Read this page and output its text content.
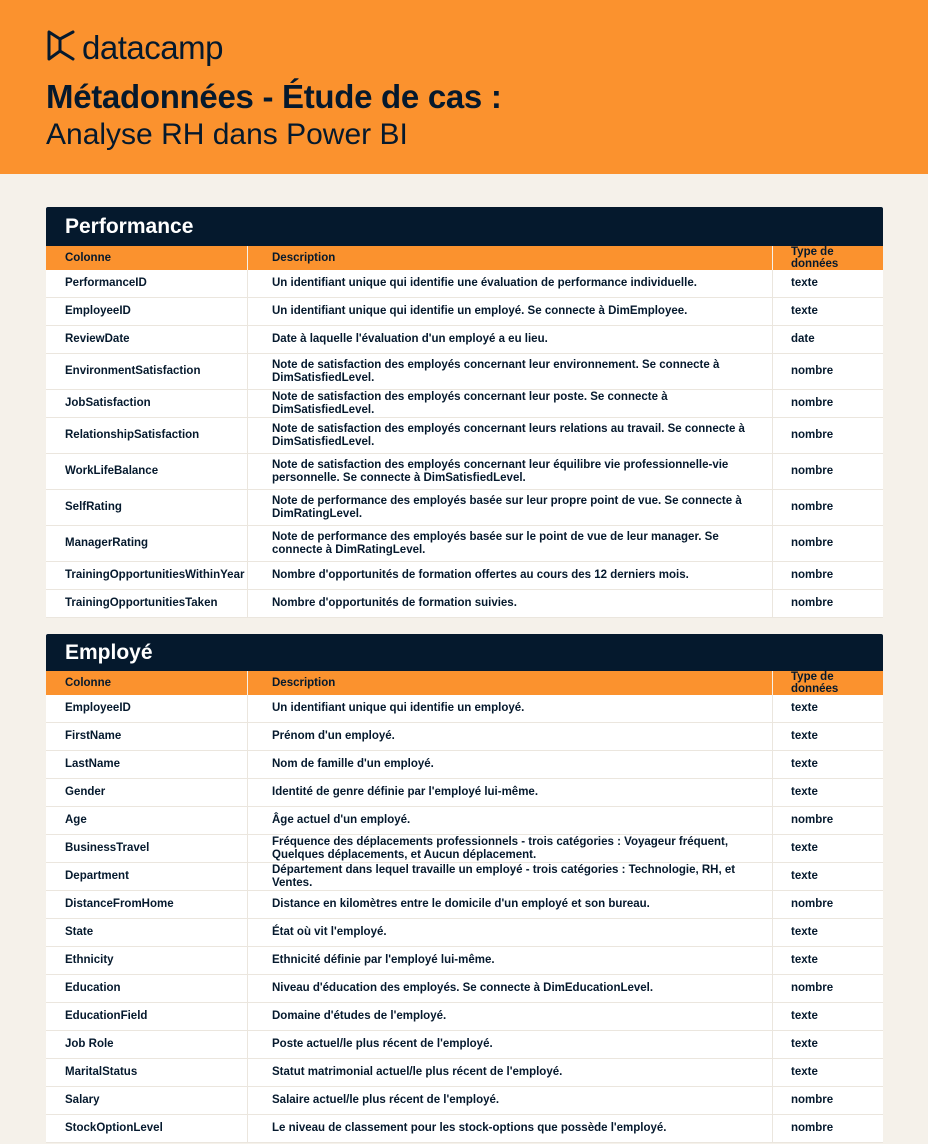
datacamp
Métadonnées - Étude de cas :
Analyse RH dans Power BI
Performance
Colonne	Description	Type de données
PerformanceID	Un identifiant unique qui identifie une évaluation de performance individuelle.	texte
EmployeeID	Un identifiant unique qui identifie un employé. Se connecte à DimEmployee.	texte
ReviewDate	Date à laquelle l'évaluation d'un employé a eu lieu.	date
EnvironmentSatisfaction	Note de satisfaction des employés concernant leur environnement. Se connecte à DimSatisfiedLevel.	nombre
JobSatisfaction	Note de satisfaction des employés concernant leur poste. Se connecte à DimSatisfiedLevel.	nombre
RelationshipSatisfaction	Note de satisfaction des employés concernant leurs relations au travail. Se connecte à DimSatisfiedLevel.	nombre
WorkLifeBalance	Note de satisfaction des employés concernant leur équilibre vie professionnelle-vie personnelle. Se connecte à DimSatisfiedLevel.	nombre
SelfRating	Note de performance des employés basée sur leur propre point de vue. Se connecte à DimRatingLevel.	nombre
ManagerRating	Note de performance des employés basée sur le point de vue de leur manager. Se connecte à DimRatingLevel.	nombre
TrainingOpportunitiesWithinYear	Nombre d'opportunités de formation offertes au cours des 12 derniers mois.	nombre
TrainingOpportunitiesTaken	Nombre d'opportunités de formation suivies.	nombre
Employé
Colonne	Description	Type de données
EmployeeID	Un identifiant unique qui identifie un employé.	texte
FirstName	Prénom d'un employé.	texte
LastName	Nom de famille d'un employé.	texte
Gender	Identité de genre définie par l'employé lui-même.	texte
Age	Âge actuel d'un employé.	nombre
BusinessTravel	Fréquence des déplacements professionnels - trois catégories : Voyageur fréquent, Quelques déplacements, et Aucun déplacement.	texte
Department	Département dans lequel travaille un employé - trois catégories : Technologie, RH, et Ventes.	texte
DistanceFromHome	Distance en kilomètres entre le domicile d'un employé et son bureau.	nombre
State	État où vit l'employé.	texte
Ethnicity	Ethnicité définie par l'employé lui-même.	texte
Education	Niveau d'éducation des employés. Se connecte à DimEducationLevel.	nombre
EducationField	Domaine d'études de l'employé.	texte
Job Role	Poste actuel/le plus récent de l'employé.	texte
MaritalStatus	Statut matrimonial actuel/le plus récent de l'employé.	texte
Salary	Salaire actuel/le plus récent de l'employé.	nombre
StockOptionLevel	Le niveau de classement pour les stock-options que possède l'employé.	nombre
